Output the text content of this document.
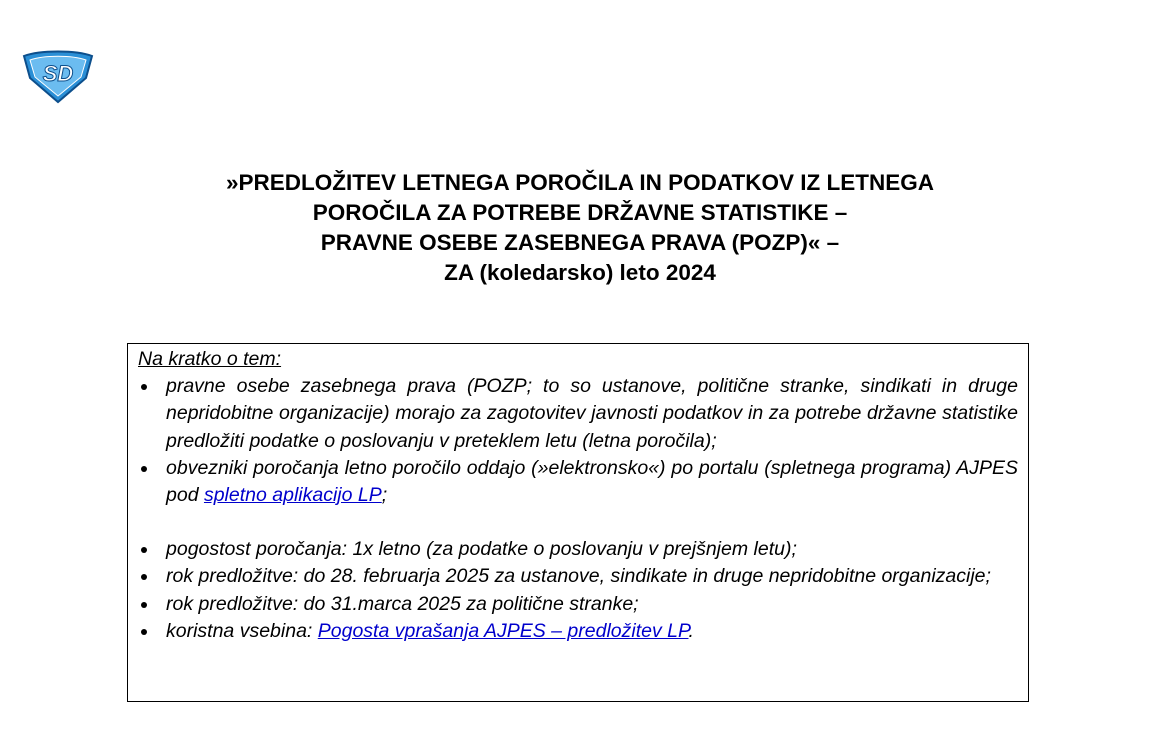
SD
»PREDLOŽITEV LETNEGA POROČILA IN PODATKOV IZ LETNEGA
POROČILA ZA POTREBE DRŽAVNE STATISTIKE –
PRAVNE OSEBE ZASEBNEGA PRAVA (POZP)« –
ZA (koledarsko) leto 2024
Na kratko o tem:
pravne osebe zasebnega prava (POZP; to so ustanove, politične stranke, sindikati in druge nepridobitne organizacije) morajo za zagotovitev javnosti podatkov in za potrebe državne statistike predložiti podatke o poslovanju v preteklem letu (letna poročila);
obvezniki poročanja letno poročilo oddajo (»elektronsko«) po portalu (spletnega programa) AJPES pod spletno aplikacijo LP;
pogostost poročanja: 1x letno (za podatke o poslovanju v prejšnjem letu);
rok predložitve: do 28. februarja 2025 za ustanove, sindikate in druge nepridobitne organizacije;
rok predložitve: do 31.marca 2025 za politične stranke;
koristna vsebina: Pogosta vprašanja AJPES – predložitev LP.
